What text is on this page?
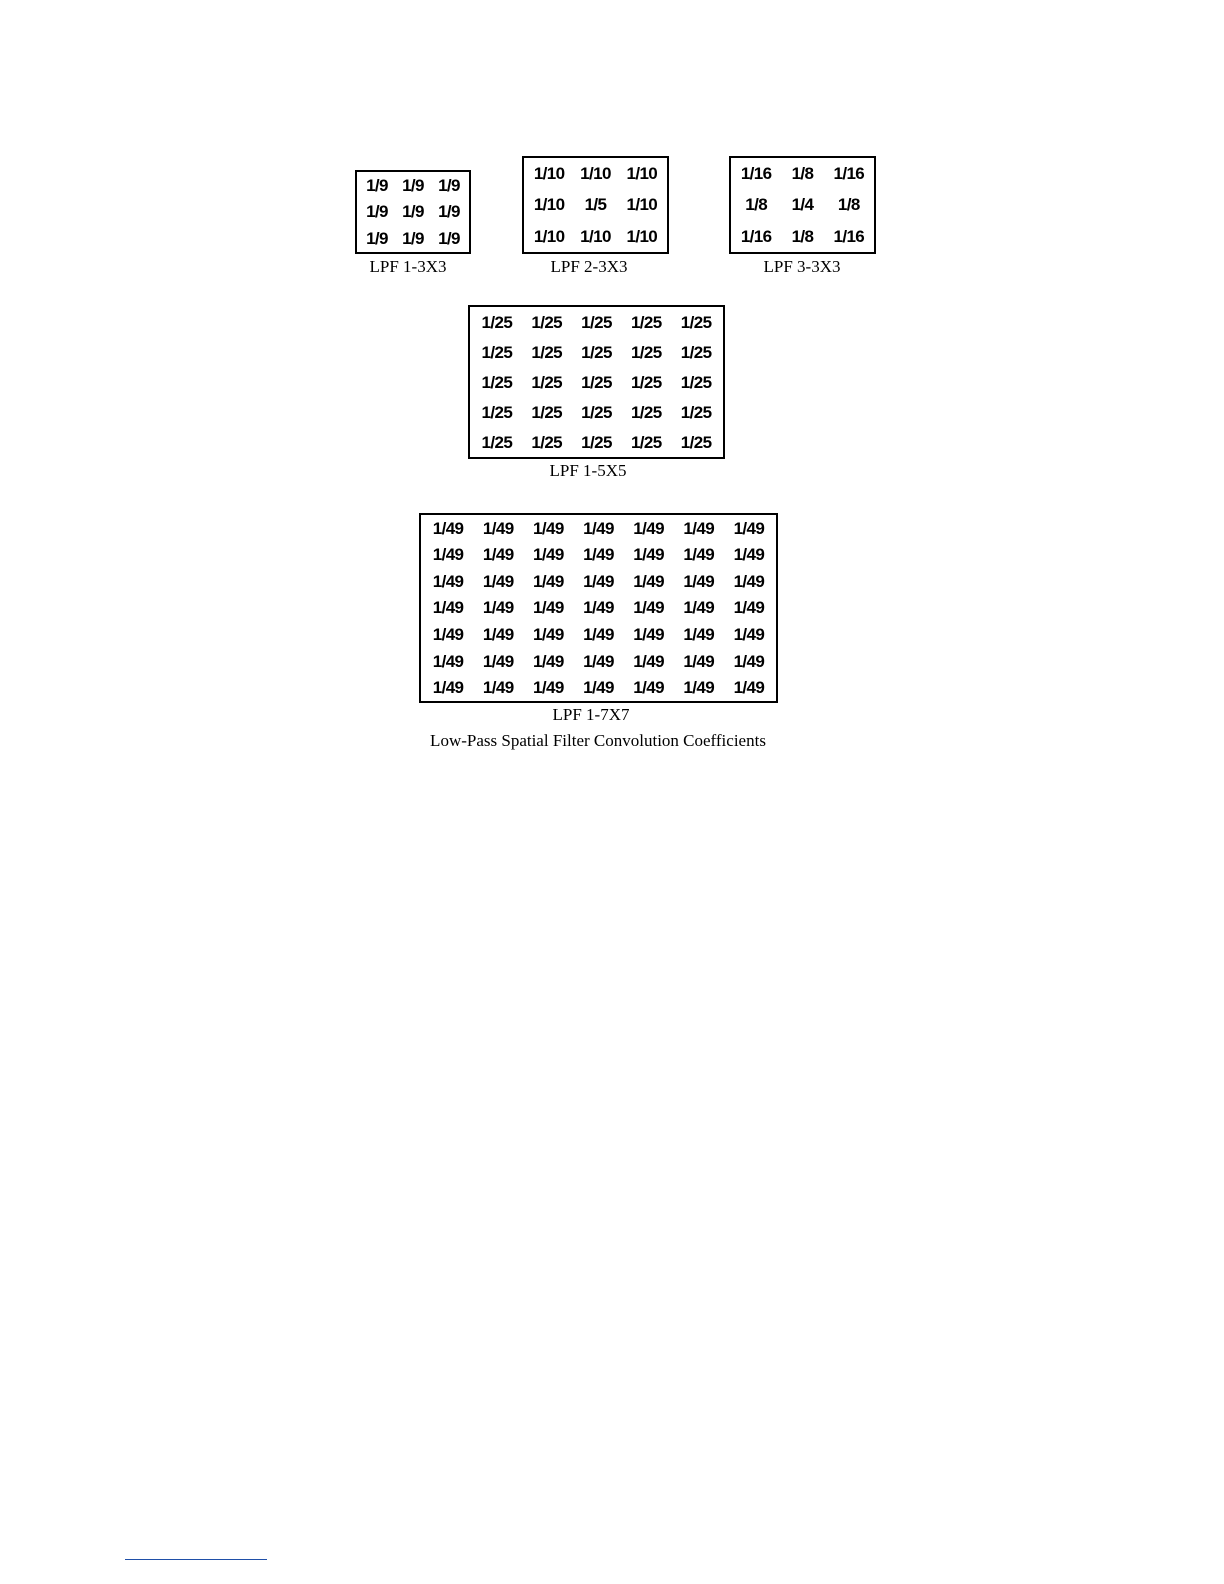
1/9 1/9 1/9
1/9 1/9 1/9
1/9 1/9 1/9
LPF 1-3X3
1/10 1/10 1/10
1/10 1/5 1/10
1/10 1/10 1/10
LPF 2-3X3
1/16 1/8 1/16
1/8 1/4 1/8
1/16 1/8 1/16
LPF 3-3X3
1/25 1/25 1/25 1/25 1/25
1/25 1/25 1/25 1/25 1/25
1/25 1/25 1/25 1/25 1/25
1/25 1/25 1/25 1/25 1/25
1/25 1/25 1/25 1/25 1/25
LPF 1-5X5
1/49 1/49 1/49 1/49 1/49 1/49 1/49
1/49 1/49 1/49 1/49 1/49 1/49 1/49
1/49 1/49 1/49 1/49 1/49 1/49 1/49
1/49 1/49 1/49 1/49 1/49 1/49 1/49
1/49 1/49 1/49 1/49 1/49 1/49 1/49
1/49 1/49 1/49 1/49 1/49 1/49 1/49
1/49 1/49 1/49 1/49 1/49 1/49 1/49
LPF 1-7X7
Low-Pass Spatial Filter Convolution Coefficients
